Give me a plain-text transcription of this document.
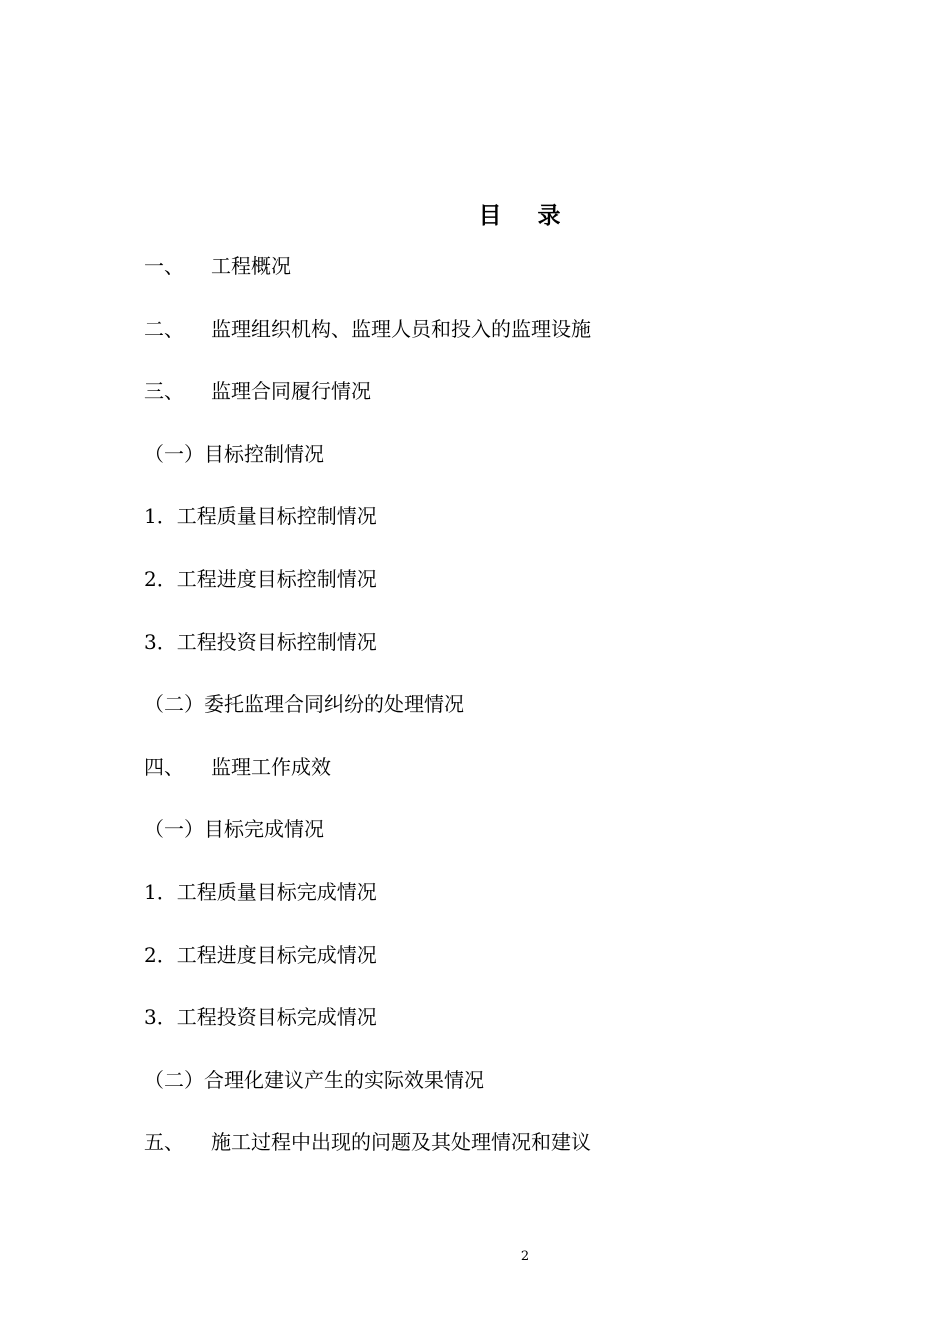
目 录
一、 工程概况
二、 监理组织机构、监理人员和投入的监理设施
三、 监理合同履行情况
（一）目标控制情况
1．工程质量目标控制情况
2．工程进度目标控制情况
3．工程投资目标控制情况
（二）委托监理合同纠纷的处理情况
四、 监理工作成效
（一）目标完成情况
1．工程质量目标完成情况
2．工程进度目标完成情况
3．工程投资目标完成情况
（二）合理化建议产生的实际效果情况
五、 施工过程中出现的问题及其处理情况和建议
2
